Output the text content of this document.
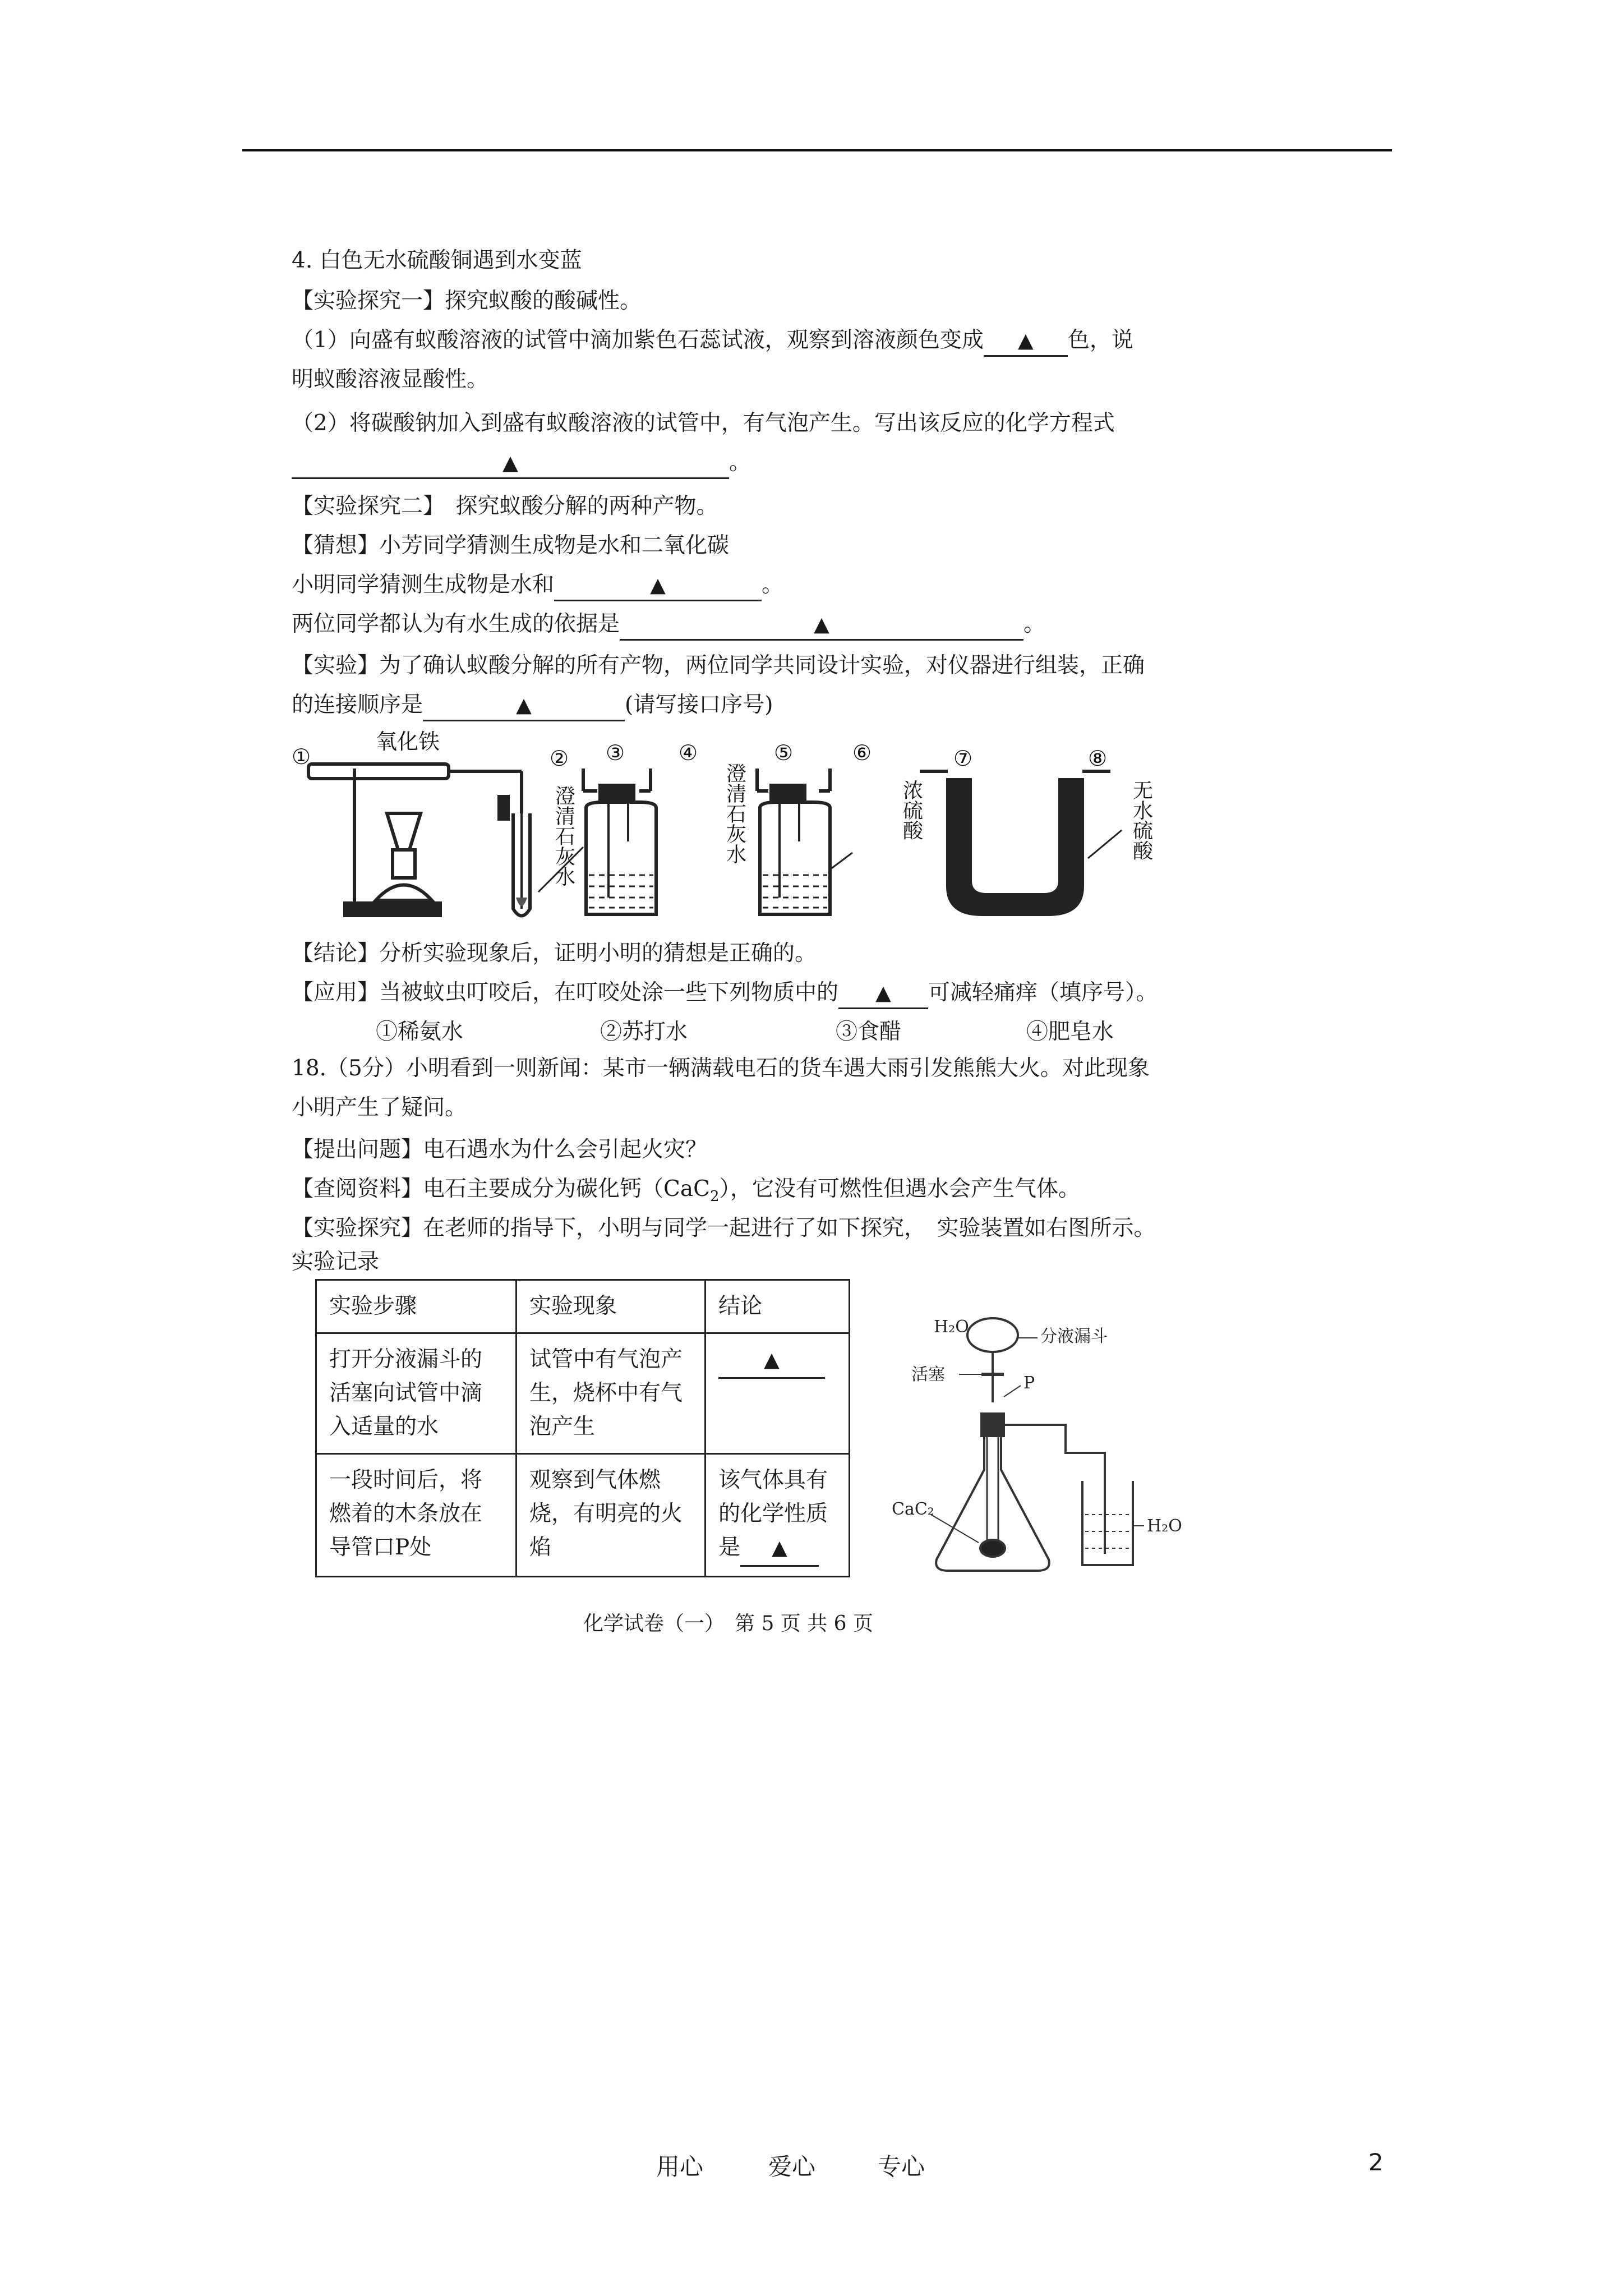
4. 白色无水硫酸铜遇到水变蓝
【实验探究一】探究蚁酸的酸碱性。
（1）向盛有蚁酸溶液的试管中滴加紫色石蕊试液，观察到溶液颜色变成 ▲ 色，说
明蚁酸溶液显酸性。
（2）将碳酸钠加入到盛有蚁酸溶液的试管中，有气泡产生。写出该反应的化学方程式
▲	。
【实验探究二】　探究蚁酸分解的两种产物。
【猜想】小芳同学猜测生成物是水和二氧化碳
小明同学猜测生成物是水和	▲	。
两位同学都认为有水生成的依据是	▲	。
【实验】为了确认蚁酸分解的所有产物，两位同学共同设计实验，对仪器进行组装，正确
的连接顺序是	▲	(请写接口序号)
①
氧化铁
② ③	④	⑤	⑥	⑦	⑧
澄清石灰水	澄清石灰水	浓硫酸	无水硫酸
【结论】分析实验现象后，证明小明的猜想是正确的。
【应用】当被蚊虫叮咬后，在叮咬处涂一些下列物质中的 ▲ 可减轻痛痒（填序号）。
①稀氨水	②苏打水	③食醋	④肥皂水
18.（5分）小明看到一则新闻：某市一辆满载电石的货车遇大雨引发熊熊大火。对此现象
小明产生了疑问。
【提出问题】电石遇水为什么会引起火灾？
【查阅资料】电石主要成分为碳化钙（CaC$_2$），它没有可燃性但遇水会产生气体。
【实验探究】在老师的指导下，小明与同学一起进行了如下探究，　实验装置如右图所示。
实验记录
实验步骤	实验现象	结论
打开分液漏斗的活塞向试管中滴入适量的水	试管中有气泡产生，烧杯中有气泡产生	▲
一段时间后，将燃着的木条放在导管口P处	观察到气体燃烧，有明亮的火焰	该气体具有的化学性质是 ▲
H₂O	分液漏斗
活塞	P
CaC₂
H₂O
化学试卷（一）　第 5 页 共 6 页
用心	爱心	专心	2
